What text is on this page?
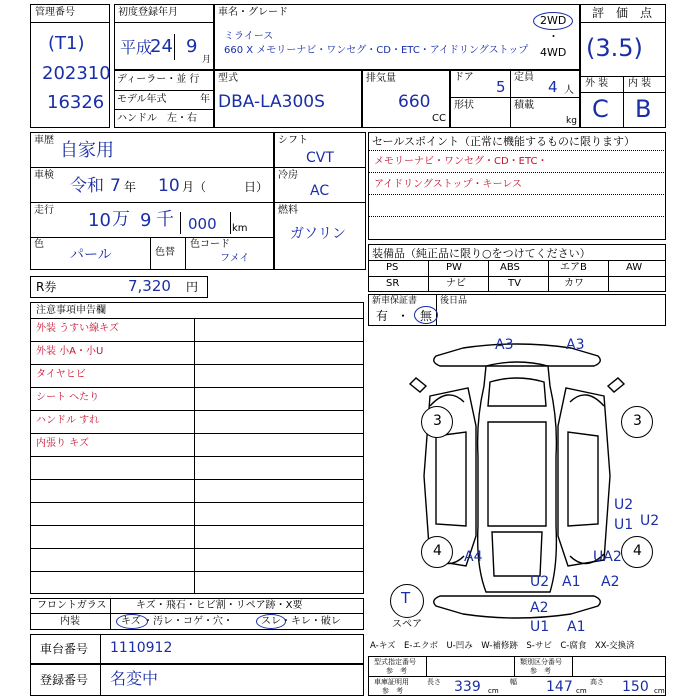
管理番号
(T1)
202310
16326
初度登録年月
平成
24 9
月
ディーラー・並 行
モデル年式	年
ハンドル　左・右
車名・グレード
ミライース
660 X メモリーナビ・ワンセグ・CD・ETC・アイドリングストップ
2WD
・
4WD
型式
DBA-LA300S
排気量
660
CC
ドア
5
定員
4 人
形状	積載
kg
評　価　点
(3.5)
外 装 内 装
C B
車歴 自家用
車検
令和 7 年 10 月（	日）
走行 10 万 9 千 000 km
色
パール	色替
色コード
フメイ
シフト
CVT
冷房
AC
燃料
ガソリン
R券	7,320 円
セールスポイント（正常に機能するものに限ります）
メモリーナビ・ワンセグ・CD・ETC・
アイドリングストップ・キーレス
装備品（純正品に限り○をつけてください）
PS	PW	ABS	エアB	AW
SR	ナビ	TV	カワ
新車保証書
有 ・ 無
後日品
注意事項申告欄
外装 うすい線キズ
外装 小A・小U
タイヤヒビ
シート へたり
ハンドル すれ
内張り キズ
A3	A3
3	3
U2
U1 U2
4	4
A4	UA2
U2 A1 A2
A2
U1 A1
T
スペア
フロントガラス	キズ・飛石・ヒビ割・リペア跡・X要
内装	キズ ・汚レ・コゲ・穴・	スレ ・キレ・破レ
車台番号 1110912
登録番号 名変中
A-キズ　E-エクボ　U-凹み　W-補修跡　S-サビ　C-腐食　XX-交換済
型式指定番号
参　考
類別区分番号
参　考
車庫証明用
参　考
長さ 339 cm
幅 147 cm
高さ 150 cm
